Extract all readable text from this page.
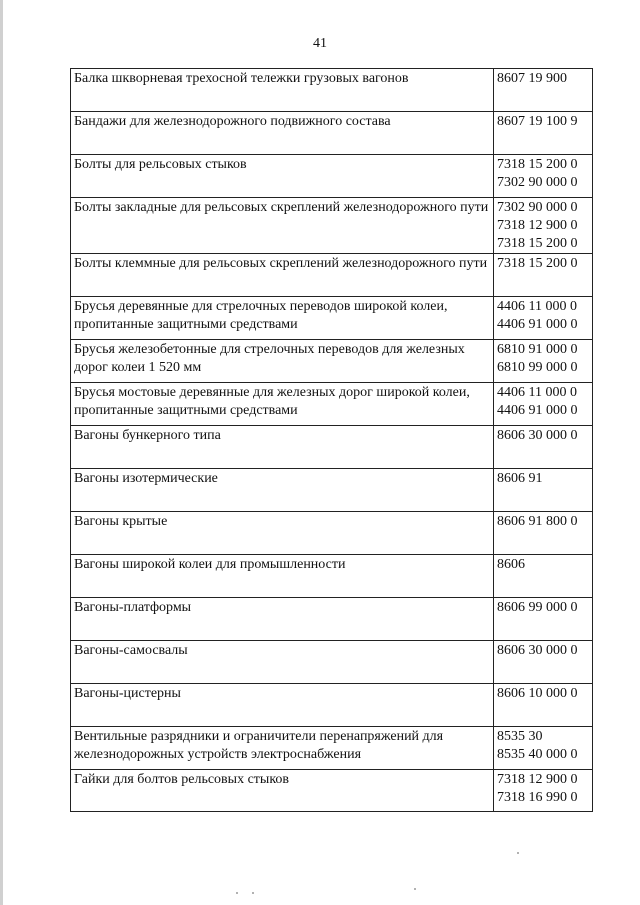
41
Балка шкворневая трехосной тележки грузовых вагонов	8607 19 900

Бандажи для железнодорожного подвижного состава	8607 19 100 9

Болты для рельсовых стыков	7318 15 200 0
7302 90 000 0

Болты закладные для рельсовых скреплений железнодорожного пути	7302 90 000 0
7318 12 900 0
7318 15 200 0

Болты клеммные для рельсовых скреплений железнодорожного пути	7318 15 200 0

Брусья деревянные для стрелочных переводов широкой колеи, пропитанные защитными средствами	4406 11 000 0
4406 91 000 0

Брусья железобетонные для стрелочных переводов для железных дорог колеи 1 520 мм	6810 91 000 0
6810 99 000 0

Брусья мостовые деревянные для железных дорог широкой колеи, пропитанные защитными средствами	4406 11 000 0
4406 91 000 0

Вагоны бункерного типа	8606 30 000 0

Вагоны изотермические	8606 91

Вагоны крытые	8606 91 800 0

Вагоны широкой колеи для промышленности	8606

Вагоны-платформы	8606 99 000 0

Вагоны-самосвалы	8606 30 000 0

Вагоны-цистерны	8606 10 000 0

Вентильные разрядники и ограничители перенапряжений для железнодорожных устройств электроснабжения	8535 30
8535 40 000 0

Гайки для болтов рельсовых стыков	7318 12 900 0
7318 16 990 0
